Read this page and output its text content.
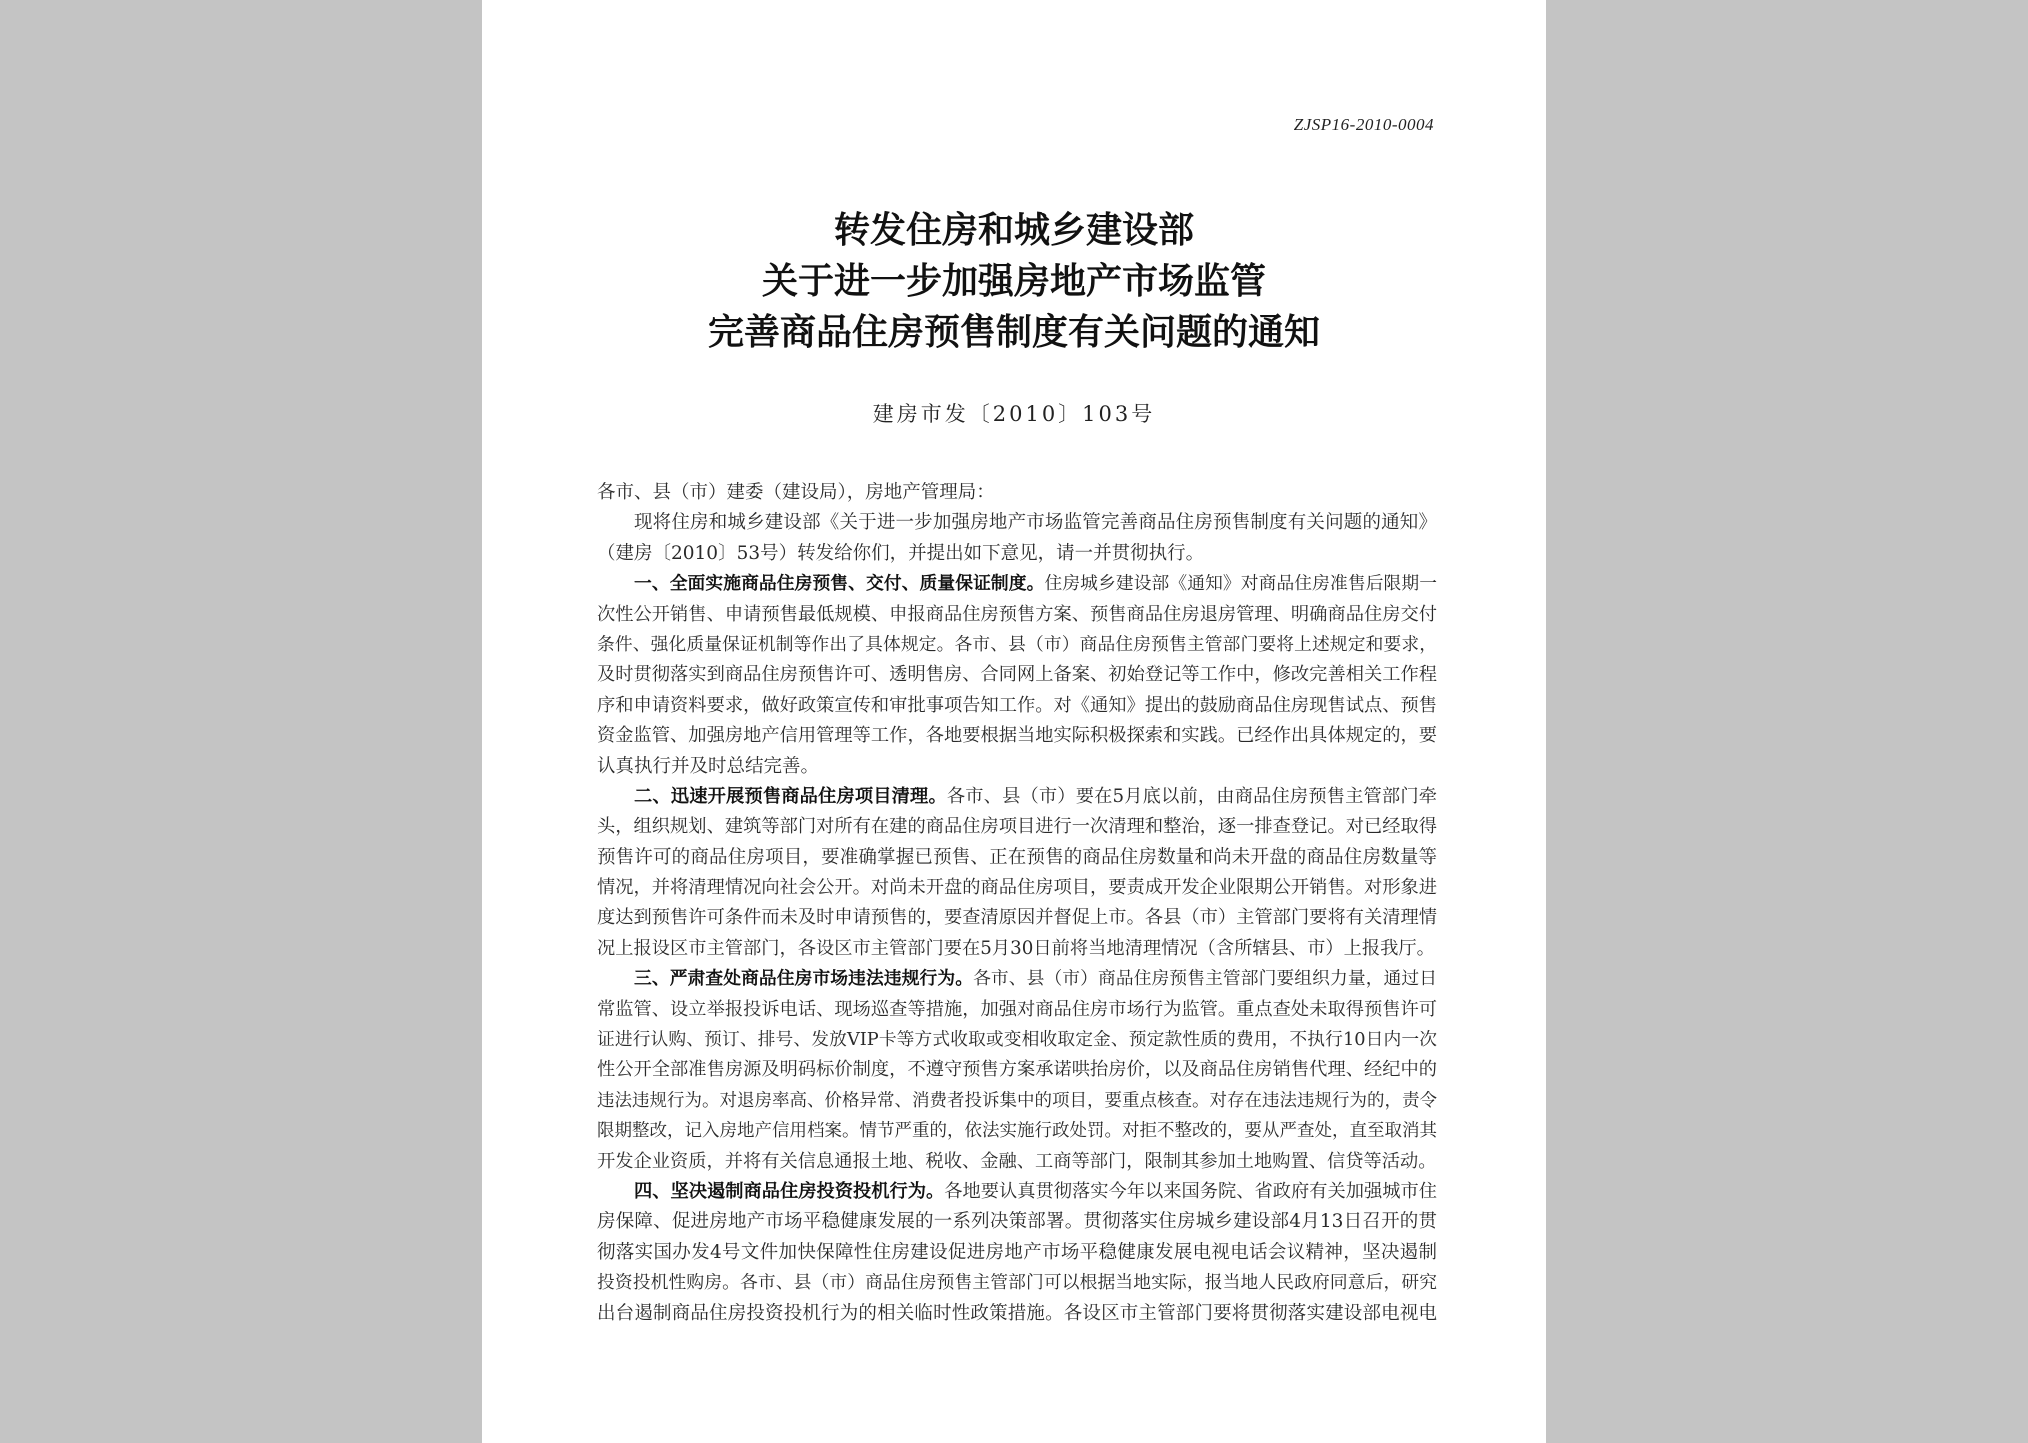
ZJSP16-2010-0004
转发住房和城乡建设部
关于进一步加强房地产市场监管
完善商品住房预售制度有关问题的通知
建房市发〔2010〕103号
各市、县（市）建委（建设局），房地产管理局：
现将住房和城乡建设部《关于进一步加强房地产市场监管完善商品住房预售制度有关问题的通知》
（建房〔2010〕53号）转发给你们，并提出如下意见，请一并贯彻执行。
一、全面实施商品住房预售、交付、质量保证制度。住房城乡建设部《通知》对商品住房准售后限期一
次性公开销售、申请预售最低规模、申报商品住房预售方案、预售商品住房退房管理、明确商品住房交付
条件、强化质量保证机制等作出了具体规定。各市、县（市）商品住房预售主管部门要将上述规定和要求，
及时贯彻落实到商品住房预售许可、透明售房、合同网上备案、初始登记等工作中，修改完善相关工作程
序和申请资料要求，做好政策宣传和审批事项告知工作。对《通知》提出的鼓励商品住房现售试点、预售
资金监管、加强房地产信用管理等工作，各地要根据当地实际积极探索和实践。已经作出具体规定的，要
认真执行并及时总结完善。
二、迅速开展预售商品住房项目清理。各市、县（市）要在5月底以前，由商品住房预售主管部门牵
头，组织规划、建筑等部门对所有在建的商品住房项目进行一次清理和整治，逐一排查登记。对已经取得
预售许可的商品住房项目，要准确掌握已预售、正在预售的商品住房数量和尚未开盘的商品住房数量等
情况，并将清理情况向社会公开。对尚未开盘的商品住房项目，要责成开发企业限期公开销售。对形象进
度达到预售许可条件而未及时申请预售的，要查清原因并督促上市。各县（市）主管部门要将有关清理情
况上报设区市主管部门，各设区市主管部门要在5月30日前将当地清理情况（含所辖县、市）上报我厅。
三、严肃查处商品住房市场违法违规行为。各市、县（市）商品住房预售主管部门要组织力量，通过日
常监管、设立举报投诉电话、现场巡查等措施，加强对商品住房市场行为监管。重点查处未取得预售许可
证进行认购、预订、排号、发放VIP卡等方式收取或变相收取定金、预定款性质的费用，不执行10日内一次
性公开全部准售房源及明码标价制度，不遵守预售方案承诺哄抬房价，以及商品住房销售代理、经纪中的
违法违规行为。对退房率高、价格异常、消费者投诉集中的项目，要重点核查。对存在违法违规行为的，责令
限期整改，记入房地产信用档案。情节严重的，依法实施行政处罚。对拒不整改的，要从严查处，直至取消其
开发企业资质，并将有关信息通报土地、税收、金融、工商等部门，限制其参加土地购置、信贷等活动。
四、坚决遏制商品住房投资投机行为。各地要认真贯彻落实今年以来国务院、省政府有关加强城市住
房保障、促进房地产市场平稳健康发展的一系列决策部署。贯彻落实住房城乡建设部4月13日召开的贯
彻落实国办发4号文件加快保障性住房建设促进房地产市场平稳健康发展电视电话会议精神，坚决遏制
投资投机性购房。各市、县（市）商品住房预售主管部门可以根据当地实际，报当地人民政府同意后，研究
出台遏制商品住房投资投机行为的相关临时性政策措施。各设区市主管部门要将贯彻落实建设部电视电
